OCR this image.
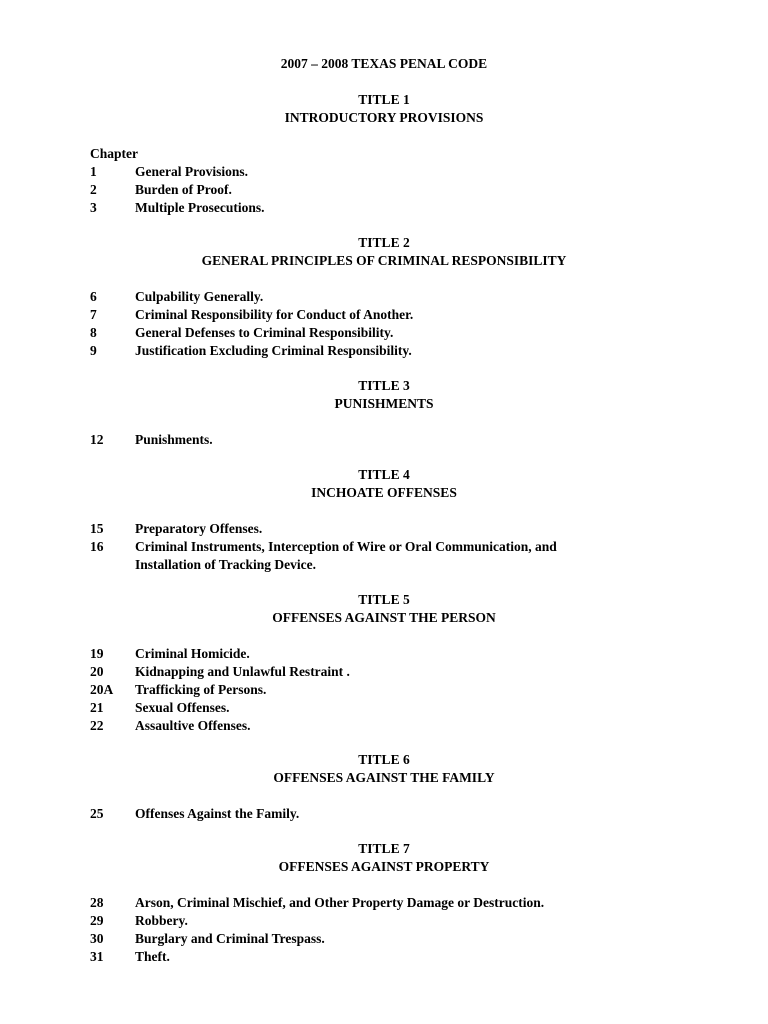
2007 – 2008 TEXAS PENAL CODE
TITLE 1
INTRODUCTORY PROVISIONS
Chapter
1	General Provisions.
2	Burden of Proof.
3	Multiple Prosecutions.
TITLE 2
GENERAL PRINCIPLES OF CRIMINAL RESPONSIBILITY
6	Culpability Generally.
7	Criminal Responsibility for Conduct of Another.
8	General Defenses to Criminal Responsibility.
9	Justification Excluding Criminal Responsibility.
TITLE 3
PUNISHMENTS
12	Punishments.
TITLE 4
INCHOATE OFFENSES
15	Preparatory Offenses.
16	Criminal Instruments, Interception of Wire or Oral Communication, and
Installation of Tracking Device.
TITLE 5
OFFENSES AGAINST THE PERSON
19	Criminal Homicide.
20	Kidnapping and Unlawful Restraint .
20A	Trafficking of Persons.
21	Sexual Offenses.
22	Assaultive Offenses.
TITLE 6
OFFENSES AGAINST THE FAMILY
25	Offenses Against the Family.
TITLE 7
OFFENSES AGAINST PROPERTY
28	Arson, Criminal Mischief, and Other Property Damage or Destruction.
29	Robbery.
30	Burglary and Criminal Trespass.
31	Theft.
